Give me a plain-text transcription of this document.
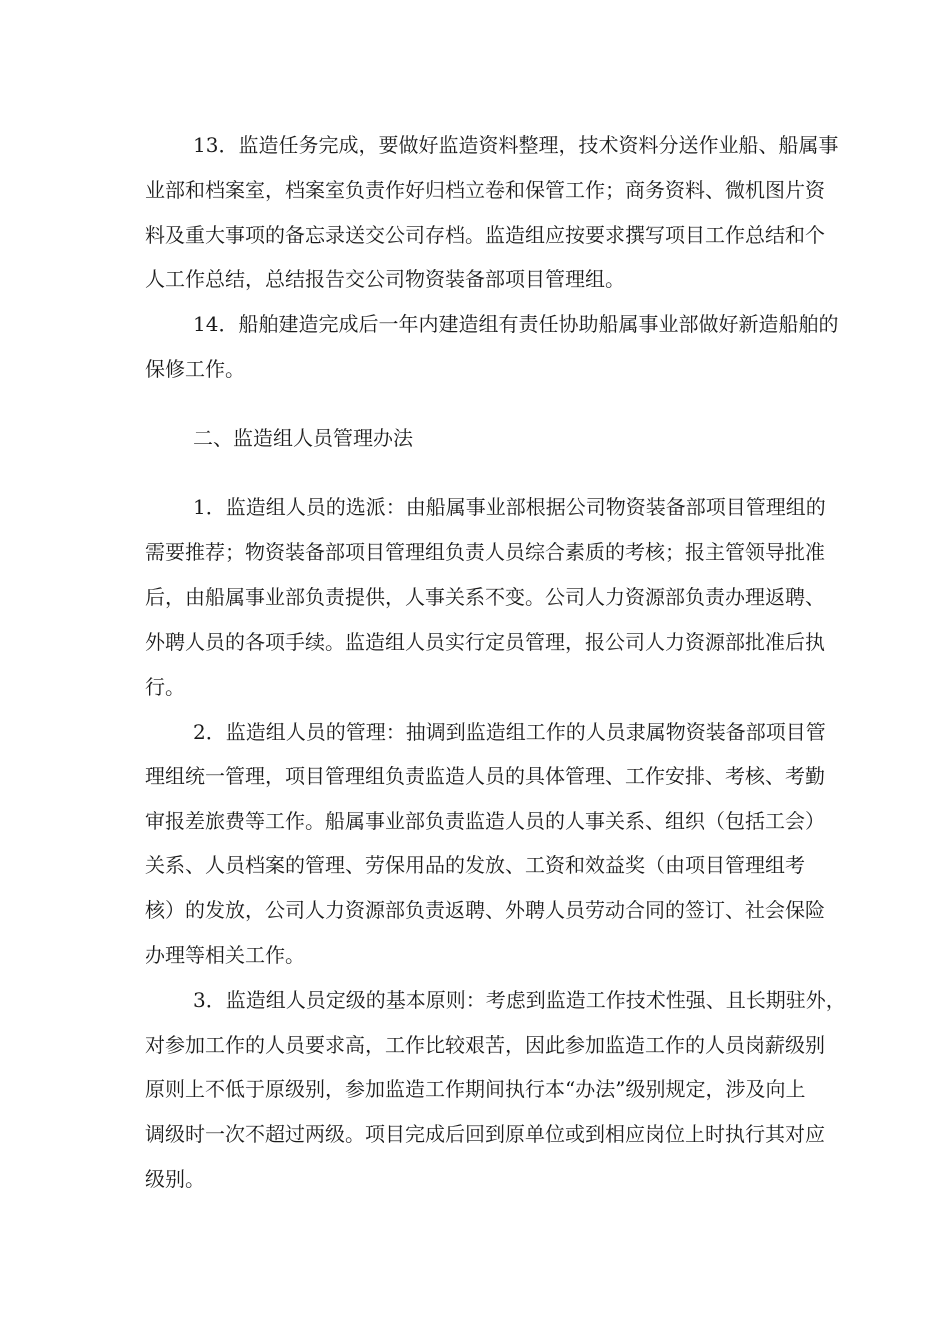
13．监造任务完成，要做好监造资料整理，技术资料分送作业船、船属事
业部和档案室，档案室负责作好归档立卷和保管工作；商务资料、微机图片资
料及重大事项的备忘录送交公司存档。监造组应按要求撰写项目工作总结和个
人工作总结，总结报告交公司物资装备部项目管理组。
14．船舶建造完成后一年内建造组有责任协助船属事业部做好新造船舶的
保修工作。
二、监造组人员管理办法
1．监造组人员的选派：由船属事业部根据公司物资装备部项目管理组的
需要推荐；物资装备部项目管理组负责人员综合素质的考核；报主管领导批准
后，由船属事业部负责提供，人事关系不变。公司人力资源部负责办理返聘、
外聘人员的各项手续。监造组人员实行定员管理，报公司人力资源部批准后执
行。
2．监造组人员的管理：抽调到监造组工作的人员隶属物资装备部项目管
理组统一管理，项目管理组负责监造人员的具体管理、工作安排、考核、考勤
审报差旅费等工作。船属事业部负责监造人员的人事关系、组织（包括工会）
关系、人员档案的管理、劳保用品的发放、工资和效益奖（由项目管理组考
核）的发放，公司人力资源部负责返聘、外聘人员劳动合同的签订、社会保险
办理等相关工作。
3．监造组人员定级的基本原则：考虑到监造工作技术性强、且长期驻外，
对参加工作的人员要求高，工作比较艰苦，因此参加监造工作的人员岗薪级别
原则上不低于原级别，参加监造工作期间执行本“办法”级别规定，涉及向上
调级时一次不超过两级。项目完成后回到原单位或到相应岗位上时执行其对应
级别。
